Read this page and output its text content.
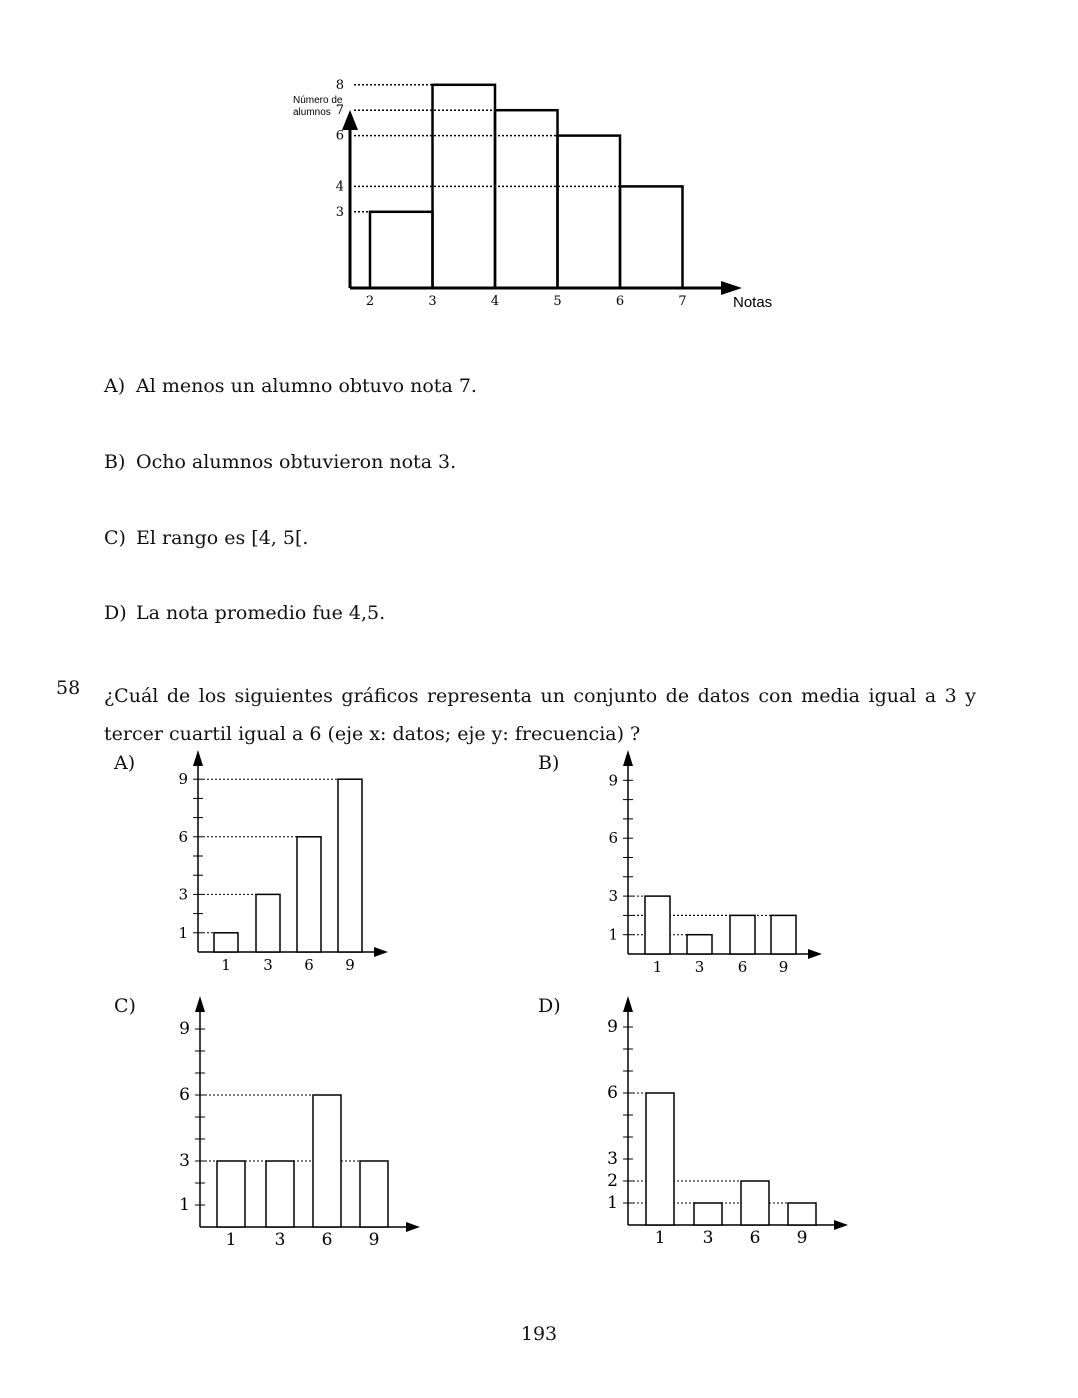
Número de
alumnos
3
4
6
7
8
2	3	4	5	6	7	Notas
A) Al menos un alumno obtuvo nota 7.
B) Ocho alumnos obtuvieron nota 3.
C) El rango es [4, 5[.
D) La nota promedio fue 4,5.
58 ¿Cuál de los siguientes gráficos representa un conjunto de datos con media igual a 3 y tercer cuartil igual a 6 (eje x: datos; eje y: frecuencia) ?
A)	B)
C)	D)
1
3
6
9
1 3 6 9
1
3
6
9
1 3 6 9
1
3
6
9
1 3 6 9
1
2
3
6
9
1 3 6 9
193
